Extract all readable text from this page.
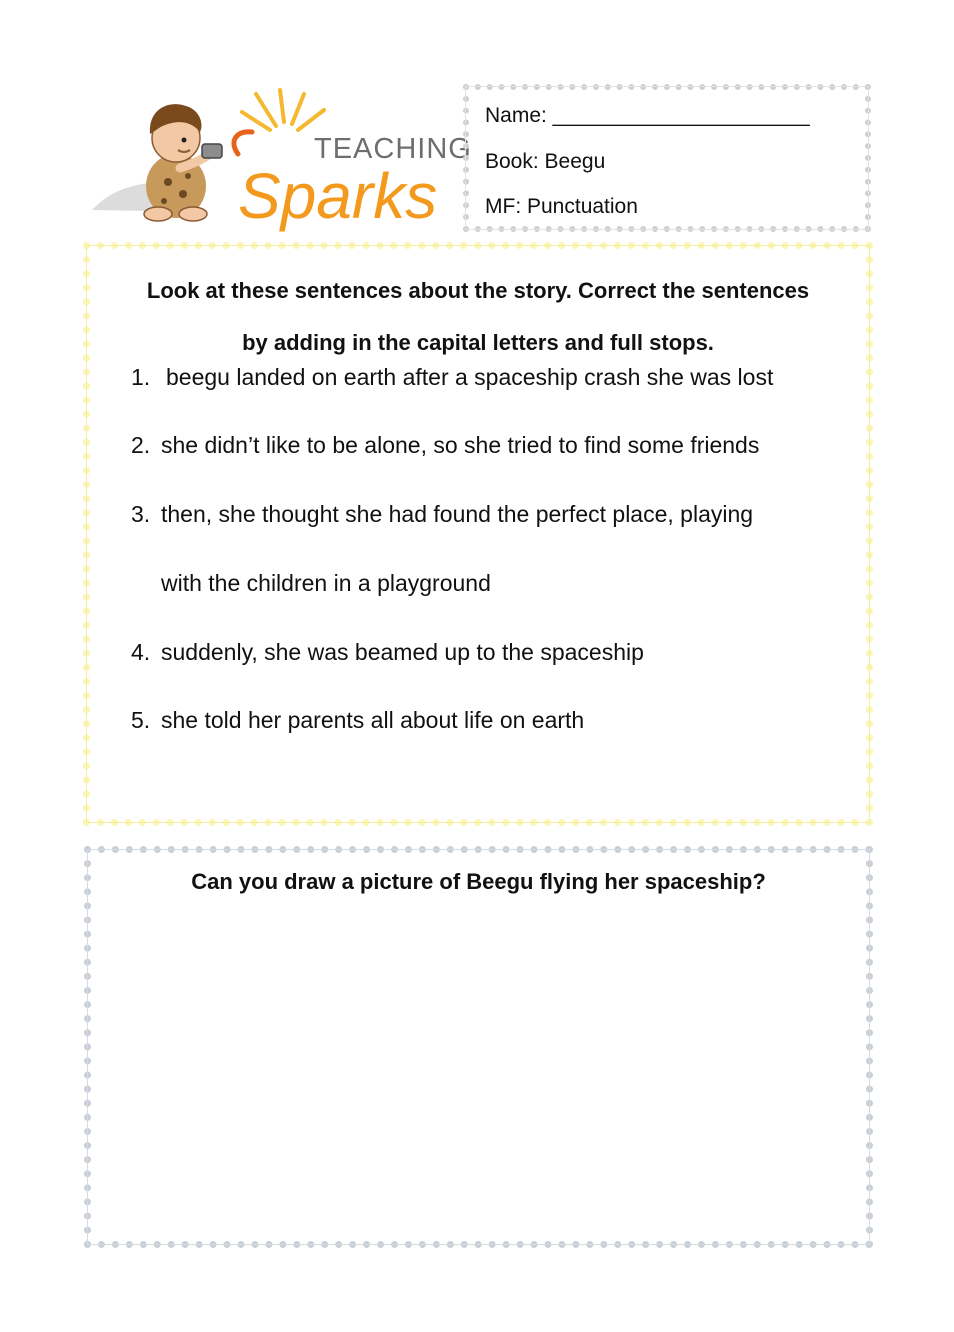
TEACHING
Sparks
Name: ______________________
Book: Beegu
MF: Punctuation
Look at these sentences about the story. Correct the sentences
by adding in the capital letters and full stops.
1. beegu landed on earth after a spaceship crash she was lost
2. she didn’t like to be alone, so she tried to find some friends
3. then, she thought she had found the perfect place, playing
with the children in a playground
4. suddenly, she was beamed up to the spaceship
5. she told her parents all about life on earth
Can you draw a picture of Beegu flying her spaceship?
